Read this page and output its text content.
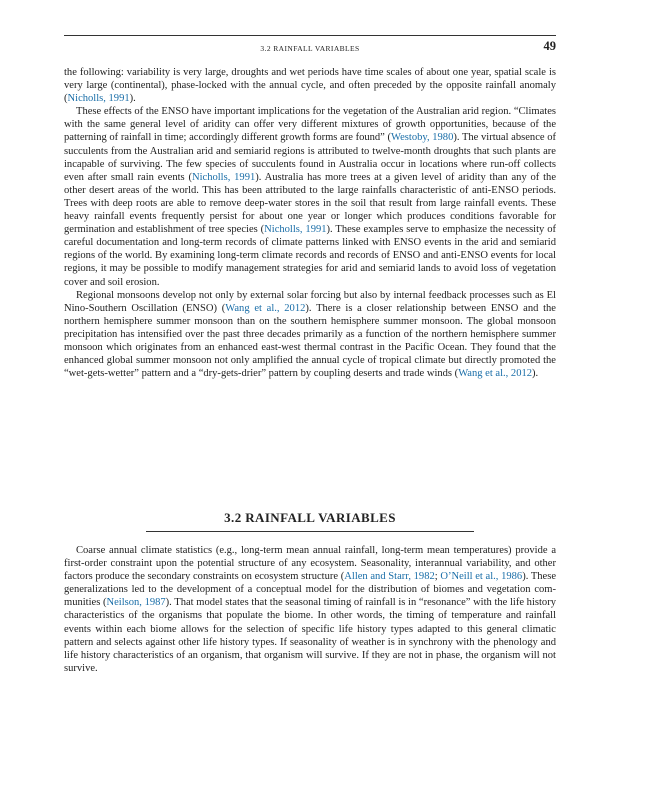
3.2 RAINFALL VARIABLES	49

the following: variability is very large, droughts and wet periods have time scales of about one year, spatial scale is very large (continental), phase-locked with the annual cycle, and often preceded by the opposite rainfall anomaly (Nicholls, 1991).

These effects of the ENSO have important implications for the vegetation of the Australian arid region. “Climates with the same general level of aridity can offer very different mixtures of growth opportunities, because of the patterning of rainfall in time; accordingly different growth forms are found” (Westoby, 1980). The virtual absence of succulents from the Australian arid and semiarid regions is attributed to twelve-month droughts that such plants are incapable of surviving. The few species of succulents found in Australia occur in locations where run-off collects even after small rain events (Nicholls, 1991). Australia has more trees at a given level of aridity than any of the other desert areas of the world. This has been attributed to the large rainfalls characteristic of anti-ENSO periods. Trees with deep roots are able to remove deep-water stores in the soil that result from large rainfall events. These heavy rainfall events frequently persist for about one year or longer which produces conditions favorable for germination and establishment of tree species (Nicholls, 1991). These examples serve to emphasize the necessity of careful documentation and long-term records of climate patterns linked with ENSO events in the arid and semiarid regions of the world. By examining long-term climate records and records of ENSO and anti-ENSO events for local regions, it may be possible to modify management strategies for arid and semiarid lands to avoid loss of vegetation cover and soil erosion.

Regional monsoons develop not only by external solar forcing but also by internal feedback processes such as El Nino-Southern Oscillation (ENSO) (Wang et al., 2012). There is a closer relationship between ENSO and the northern hemisphere summer monsoon than on the southern hemisphere summer monsoon. The global monsoon precipitation has intensified over the past three decades primarily as a function of the northern hemisphere summer monsoon which originates from an enhanced east-west thermal contrast in the Pacific Ocean. They found that the enhanced global summer monsoon not only amplified the annual cycle of tropical climate but directly promoted the “wet-gets-wetter” pattern and a “dry-gets-drier” pattern by coupling deserts and trade winds (Wang et al., 2012).

3.2 RAINFALL VARIABLES

Coarse annual climate statistics (e.g., long-term mean annual rainfall, long-term mean temperatures) provide a first-order constraint upon the potential structure of any ecosystem. Seasonality, interannual variability, and other factors produce the secondary constraints on ecosystem structure (Allen and Starr, 1982; O’Neill et al., 1986). These generalizations led to the development of a conceptual model for the distribution of biomes and vegetation communities (Neilson, 1987). That model states that the seasonal timing of rainfall is in “resonance” with the life history characteristics of the organisms that populate the biome. In other words, the timing of temperature and rainfall events within each biome allows for the selection of specific life history types adapted to this general climatic pattern and selects against other life history types. If seasonality of weather is in synchrony with the phenology and life history characteristics of an organism, that organism will survive. If they are not in phase, the organism will not survive.
